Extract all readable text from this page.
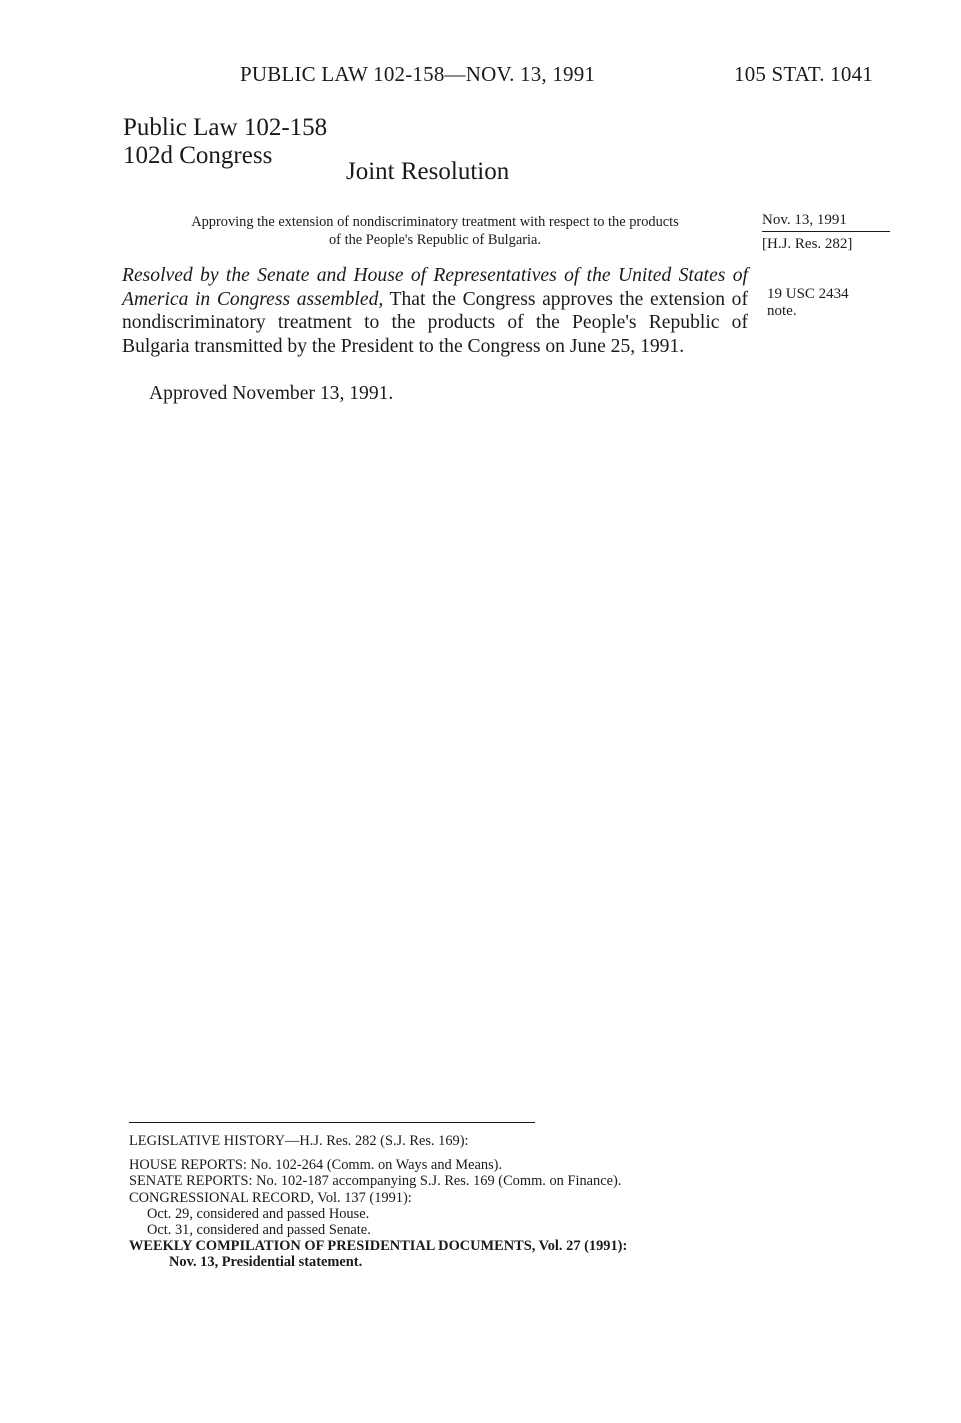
PUBLIC LAW 102-158—NOV. 13, 1991	105 STAT. 1041
Public Law 102-158
102d Congress
Joint Resolution
Approving the extension of nondiscriminatory treatment with respect to the products
of the People's Republic of Bulgaria.
Nov. 13, 1991
[H.J. Res. 282]
Resolved by the Senate and House of Representatives of the United States of America in Congress assembled, That the Congress approves the extension of nondiscriminatory treatment to the products of the People's Republic of Bulgaria transmitted by the President to the Congress on June 25, 1991.
19 USC 2434
note.
Approved November 13, 1991.
LEGISLATIVE HISTORY—H.J. Res. 282 (S.J. Res. 169):
HOUSE REPORTS: No. 102-264 (Comm. on Ways and Means).
SENATE REPORTS: No. 102-187 accompanying S.J. Res. 169 (Comm. on Finance).
CONGRESSIONAL RECORD, Vol. 137 (1991):
Oct. 29, considered and passed House.
Oct. 31, considered and passed Senate.
WEEKLY COMPILATION OF PRESIDENTIAL DOCUMENTS, Vol. 27 (1991):
Nov. 13, Presidential statement.
